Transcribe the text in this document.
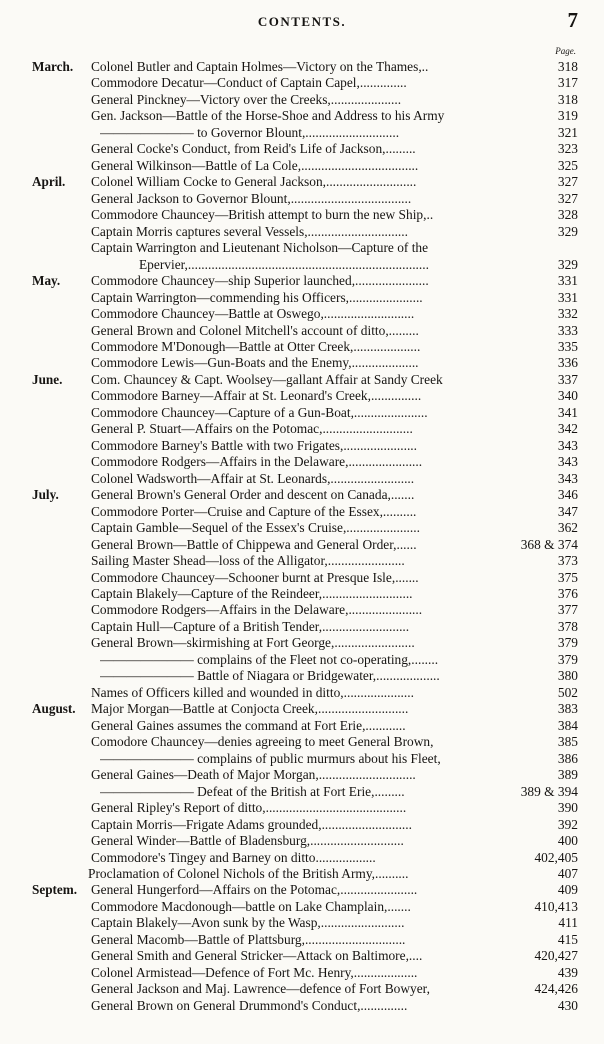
CONTENTS.	7
Page.
March. Colonel Butler and Captain Holmes—Victory on the Thames,..	318
Commodore Decatur—Conduct of Captain Capel,..............	317
General Pinckney—Victory over the Creeks,.....................	318
Gen. Jackson—Battle of the Horse-Shoe and Address to his Army	319
——————— to Governor Blount,............................	321
General Cocke's Conduct, from Reid's Life of Jackson,.........	323
General Wilkinson—Battle of La Cole,...................................	325
April. Colonel William Cocke to General Jackson,...........................	327
General Jackson to Governor Blount,....................................	327
Commodore Chauncey—British attempt to burn the new Ship,..	328
Captain Morris captures several Vessels,..............................	329
Captain Warrington and Lieutenant Nicholson—Capture of the
Epervier,........................................................................	329
May. Commodore Chauncey—ship Superior launched,......................	331
Captain Warrington—commending his Officers,......................	331
Commodore Chauncey—Battle at Oswego,...........................	332
General Brown and Colonel Mitchell's account of ditto,.........	333
Commodore M'Donough—Battle at Otter Creek,....................	335
Commodore Lewis—Gun-Boats and the Enemy,....................	336
June. Com. Chauncey & Capt. Woolsey—gallant Affair at Sandy Creek	337
Commodore Barney—Affair at St. Leonard's Creek,...............	340
Commodore Chauncey—Capture of a Gun-Boat,......................	341
General P. Stuart—Affairs on the Potomac,...........................	342
Commodore Barney's Battle with two Frigates,......................	343
Commodore Rodgers—Affairs in the Delaware,......................	343
Colonel Wadsworth—Affair at St. Leonards,.........................	343
July. General Brown's General Order and descent on Canada,.......	346
Commodore Porter—Cruise and Capture of the Essex,..........	347
Captain Gamble—Sequel of the Essex's Cruise,......................	362
General Brown—Battle of Chippewa and General Order,......	368 & 374
Sailing Master Shead—loss of the Alligator,.......................	373
Commodore Chauncey—Schooner burnt at Presque Isle,.......	375
Captain Blakely—Capture of the Reindeer,...........................	376
Commodore Rodgers—Affairs in the Delaware,......................	377
Captain Hull—Capture of a British Tender,..........................	378
General Brown—skirmishing at Fort George,........................	379
——————— complains of the Fleet not co-operating,........	379
——————— Battle of Niagara or Bridgewater,...................	380
Names of Officers killed and wounded in ditto,.....................	502
August. Major Morgan—Battle at Conjocta Creek,...........................	383
General Gaines assumes the command at Fort Erie,............	384
Comodore Chauncey—denies agreeing to meet General Brown,	385
——————— complains of public murmurs about his Fleet,	386
General Gaines—Death of Major Morgan,.............................	389
——————— Defeat of the British at Fort Erie,.........	389 & 394
General Ripley's Report of ditto,..........................................	390
Captain Morris—Frigate Adams grounded,...........................	392
General Winder—Battle of Bladensburg,............................	400
Commodore's Tingey and Barney on ditto..................	402,405
Proclamation of Colonel Nichols of the British Army,..........	407
Septem. General Hungerford—Affairs on the Potomac,.......................	409
Commodore Macdonough—battle on Lake Champlain,.......	410,413
Captain Blakely—Avon sunk by the Wasp,.........................	411
General Macomb—Battle of Plattsburg,..............................	415
General Smith and General Stricker—Attack on Baltimore,....	420,427
Colonel Armistead—Defence of Fort Mc. Henry,...................	439
General Jackson and Maj. Lawrence—defence of Fort Bowyer,	424,426
General Brown on General Drummond's Conduct,..............	430
